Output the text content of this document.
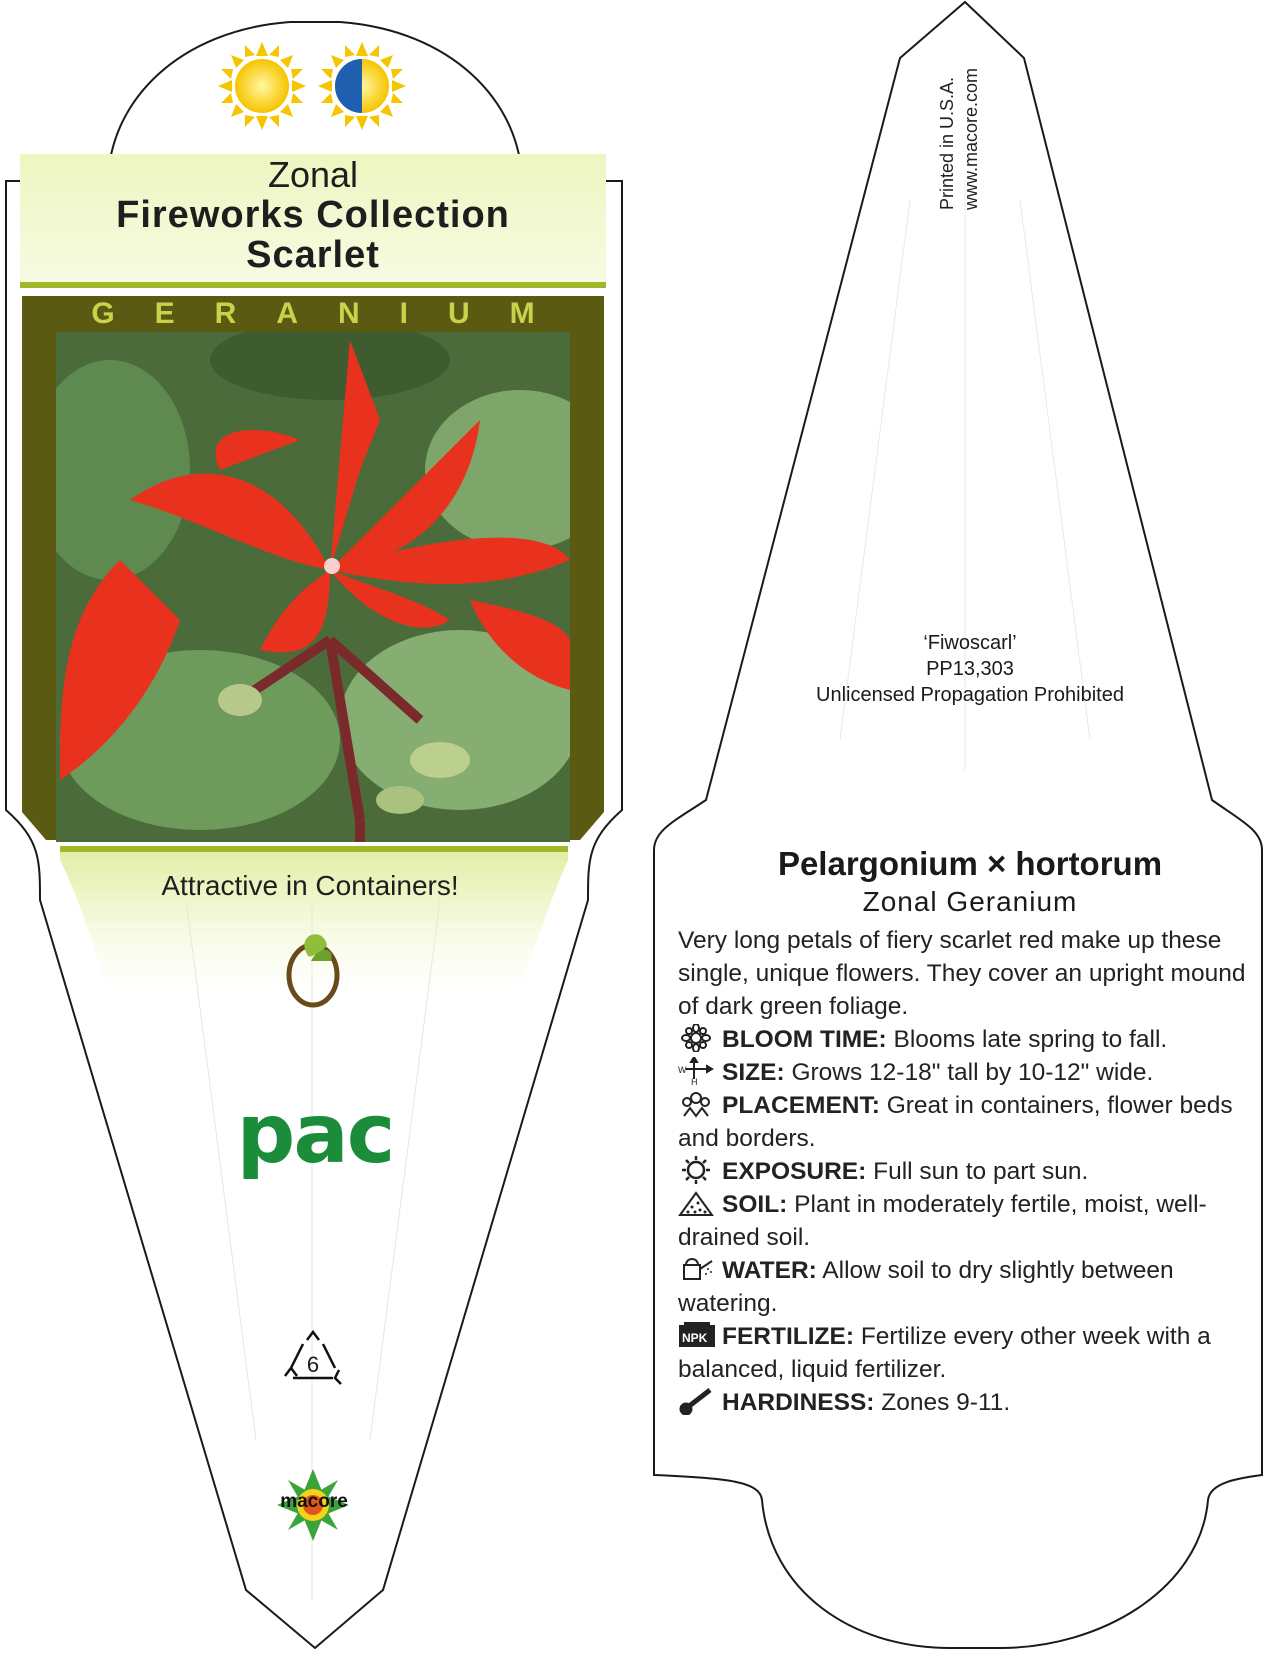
Zonal
Fireworks Collection
Scarlet
GERANIUM
Attractive in Containers!
pac
6
macore
Printed in U.S.A. www.macore.com
‘Fiwoscarl’
PP13,303
Unlicensed Propagation Prohibited
Pelargonium × hortorum
Zonal Geranium

Very long petals of fiery scarlet red make up these single, unique flowers. They cover an upright mound of dark green foliage.

BLOOM TIME: Blooms late spring to fall.

W
H SIZE: Grows 12-18" tall by 10-12" wide.

PLACEMENT: Great in containers, flower beds and borders.

EXPOSURE: Full sun to part sun.

SOIL: Plant in moderately fertile, moist, well-drained soil.

WATER: Allow soil to dry slightly between watering.

NPK FERTILIZE: Fertilize every other week with a balanced, liquid fertilizer.

HARDINESS: Zones 9-11.
